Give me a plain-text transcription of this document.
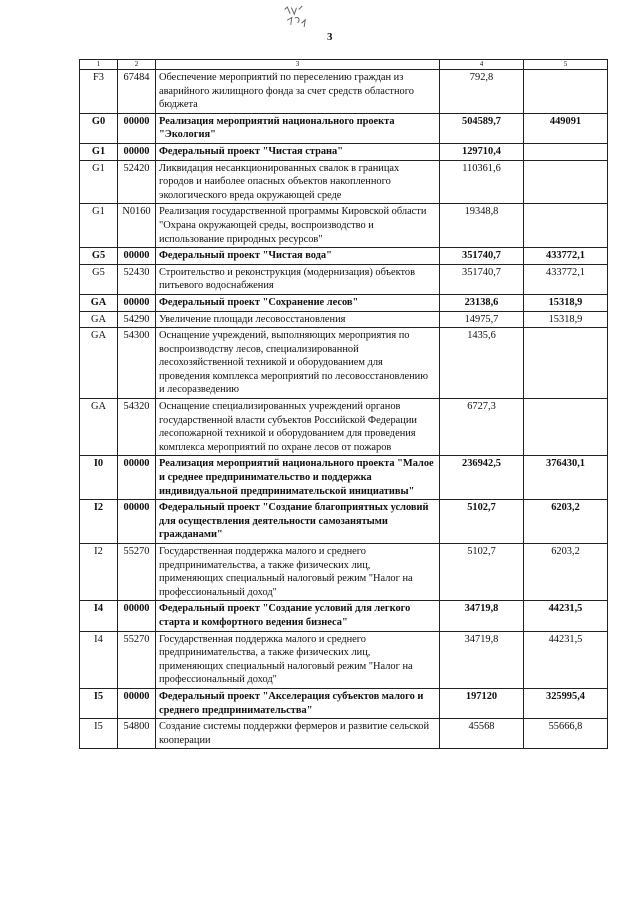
3
1	2	3	4	5
F3	67484	Обеспечение мероприятий по переселению граждан из аварийного жилищного фонда за счет средств областного бюджета	792,8	
G0	00000	Реализация мероприятий национального проекта "Экология"	504589,7	449091
G1	00000	Федеральный проект "Чистая страна"	129710,4	
G1	52420	Ликвидация несанкционированных свалок в границах городов и наиболее опасных объектов накопленного экологического вреда окружающей среде	110361,6	
G1	N0160	Реализация государственной программы Кировской области "Охрана окружающей среды, воспроизводство и использование природных ресурсов"	19348,8	
G5	00000	Федеральный проект "Чистая вода"	351740,7	433772,1
G5	52430	Строительство и реконструкция (модернизация) объектов питьевого водоснабжения	351740,7	433772,1
GA	00000	Федеральный проект "Сохранение лесов"	23138,6	15318,9
GA	54290	Увеличение площади лесовосстановления	14975,7	15318,9
GA	54300	Оснащение учреждений, выполняющих мероприятия по воспроизводству лесов, специализированной лесохозяйственной техникой и оборудованием для проведения комплекса мероприятий по лесовосстановлению и лесоразведению	1435,6	
GA	54320	Оснащение специализированных учреждений органов государственной власти субъектов Российской Федерации лесопожарной техникой и оборудованием для проведения комплекса мероприятий по охране лесов от пожаров	6727,3	
I0	00000	Реализация мероприятий национального проекта "Малое и среднее предпринимательство и поддержка индивидуальной предпринимательской инициативы"	236942,5	376430,1
I2	00000	Федеральный проект "Создание благоприятных условий для осуществления деятельности самозанятыми гражданами"	5102,7	6203,2
I2	55270	Государственная поддержка малого и среднего предпринимательства, а также физических лиц, применяющих специальный налоговый режим "Налог на профессиональный доход"	5102,7	6203,2
I4	00000	Федеральный проект "Создание условий для легкого старта и комфортного ведения бизнеса"	34719,8	44231,5
I4	55270	Государственная поддержка малого и среднего предпринимательства, а также физических лиц, применяющих специальный налоговый режим "Налог на профессиональный доход"	34719,8	44231,5
I5	00000	Федеральный проект "Акселерация субъектов малого и среднего предпринимательства"	197120	325995,4
I5	54800	Создание системы поддержки фермеров и развитие сельской кооперации	45568	55666,8
